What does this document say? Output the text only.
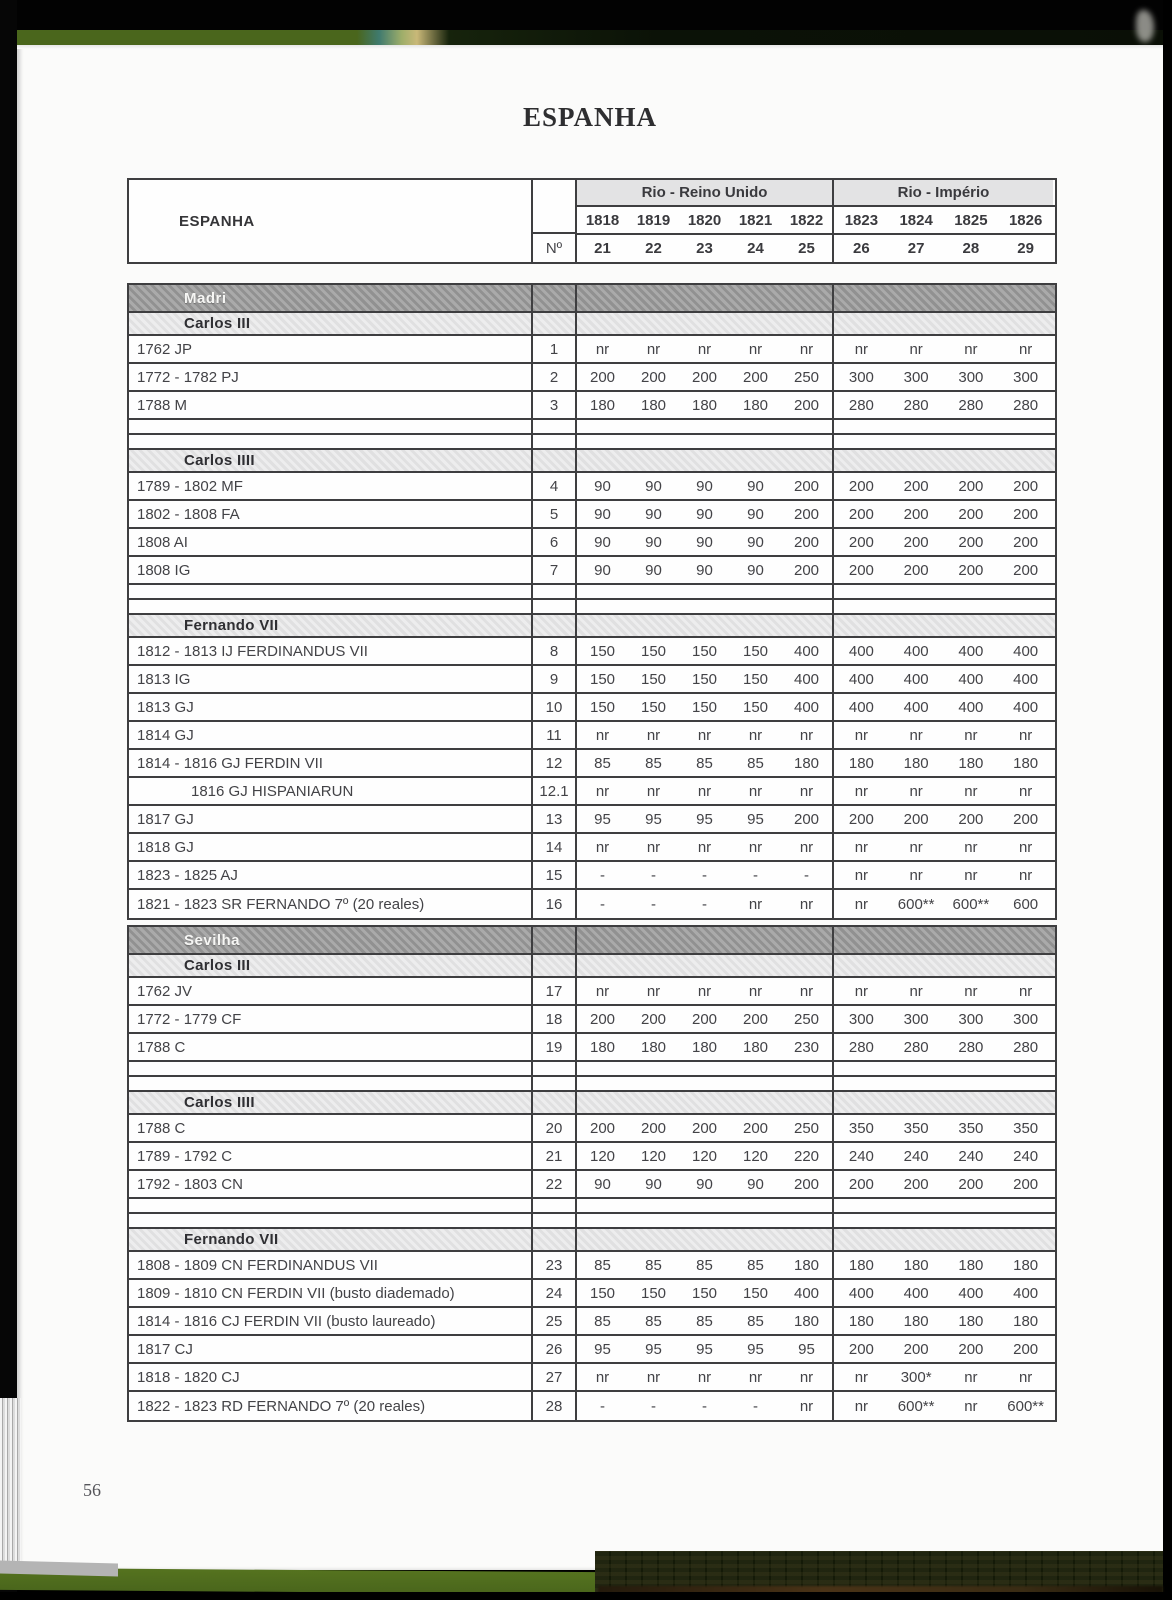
ESPANHA
ESPANHA
Nº
Rio - Reino Unido	Rio - Império
1818	1819	1820	1821	1822	1823	1824	1825	1826
21	22	23	24	25	26	27	28	29
Madri
Carlos III
1762 JP	1	nr	nr	nr	nr	nr	nr	nr	nr	nr
1772 - 1782 PJ	2	200	200	200	200	250	300	300	300	300
1788 M	3	180	180	180	180	200	280	280	280	280
Carlos IIII
1789 - 1802 MF	4	90	90	90	90	200	200	200	200	200
1802 - 1808 FA	5	90	90	90	90	200	200	200	200	200
1808 AI	6	90	90	90	90	200	200	200	200	200
1808 IG	7	90	90	90	90	200	200	200	200	200
Fernando VII
1812 - 1813 IJ FERDINANDUS VII	8	150	150	150	150	400	400	400	400	400
1813 IG	9	150	150	150	150	400	400	400	400	400
1813 GJ	10	150	150	150	150	400	400	400	400	400
1814 GJ	11	nr	nr	nr	nr	nr	nr	nr	nr	nr
1814 - 1816 GJ FERDIN VII	12	85	85	85	85	180	180	180	180	180
1816 GJ HISPANIARUN	12.1	nr	nr	nr	nr	nr	nr	nr	nr	nr
1817 GJ	13	95	95	95	95	200	200	200	200	200
1818 GJ	14	nr	nr	nr	nr	nr	nr	nr	nr	nr
1823 - 1825 AJ	15	-	-	-	-	-	nr	nr	nr	nr
1821 - 1823 SR FERNANDO 7º (20 reales)	16	-	-	-	nr	nr	nr	600**	600**	600
Sevilha
Carlos III
1762 JV	17	nr	nr	nr	nr	nr	nr	nr	nr	nr
1772 - 1779 CF	18	200	200	200	200	250	300	300	300	300
1788 C	19	180	180	180	180	230	280	280	280	280
Carlos IIII
1788 C	20	200	200	200	200	250	350	350	350	350
1789 - 1792 C	21	120	120	120	120	220	240	240	240	240
1792 - 1803 CN	22	90	90	90	90	200	200	200	200	200
Fernando VII
1808 - 1809 CN FERDINANDUS VII	23	85	85	85	85	180	180	180	180	180
1809 - 1810 CN FERDIN VII (busto diademado)	24	150	150	150	150	400	400	400	400	400
1814 - 1816 CJ FERDIN VII (busto laureado)	25	85	85	85	85	180	180	180	180	180
1817 CJ	26	95	95	95	95	95	200	200	200	200
1818 - 1820 CJ	27	nr	nr	nr	nr	nr	nr	300*	nr	nr
1822 - 1823 RD FERNANDO 7º (20 reales)	28	-	-	-	-	nr	nr	600**	nr	600**
56
